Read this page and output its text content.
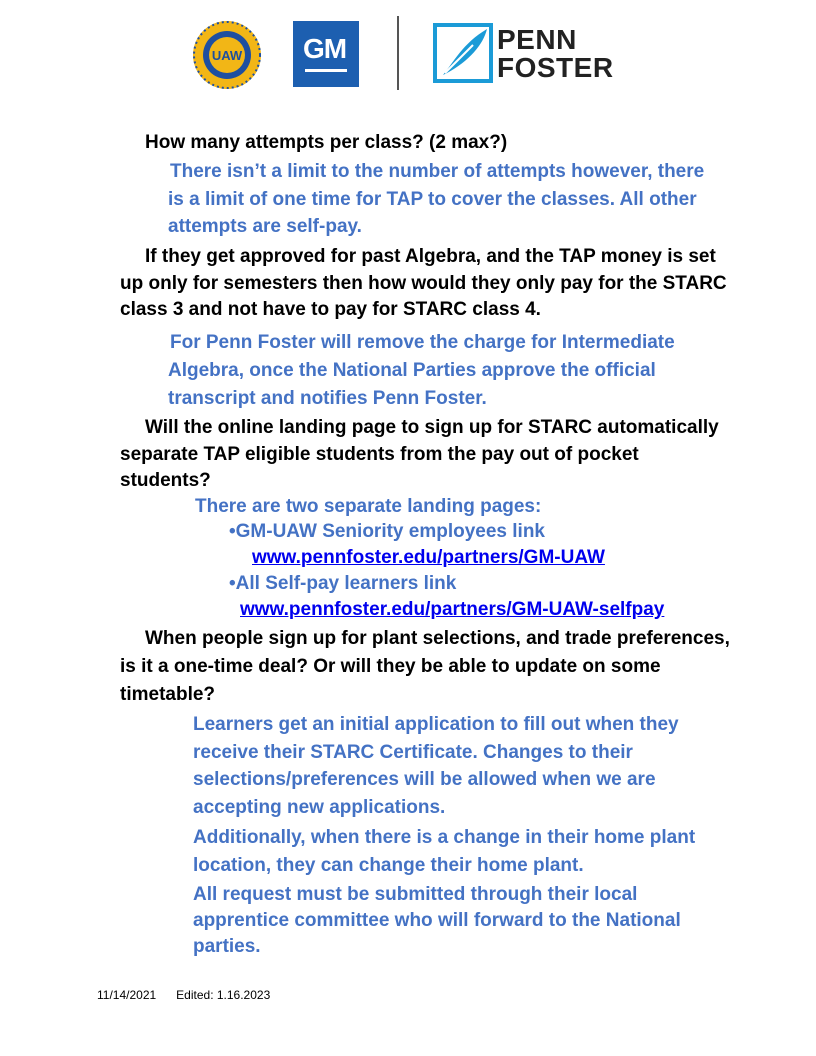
UAW GM	PENN
FOSTER
How many attempts per class? (2 max?)
There isn’t a limit to the number of attempts however, there
is a limit of one time for TAP to cover the classes. All other
attempts are self-pay.
If they get approved for past Algebra, and the TAP money is set
up only for semesters then how would they only pay for the STARC
class 3 and not have to pay for STARC class 4.
For Penn Foster will remove the charge for Intermediate
Algebra, once the National Parties approve the official
transcript and notifies Penn Foster.
Will the online landing page to sign up for STARC automatically
separate TAP eligible students from the pay out of pocket
students?
There are two separate landing pages:
•GM-UAW Seniority employees link
www.pennfoster.edu/partners/GM-UAW
•All Self-pay learners link
www.pennfoster.edu/partners/GM-UAW-selfpay
When people sign up for plant selections, and trade preferences,
is it a one-time deal? Or will they be able to update on some
timetable?
Learners get an initial application to fill out when they
receive their STARC Certificate. Changes to their
selections/preferences will be allowed when we are
accepting new applications.
Additionally, when there is a change in their home plant
location, they can change their home plant.
All request must be submitted through their local
apprentice committee who will forward to the National
parties.
11/14/2021 Edited: 1.16.2023
